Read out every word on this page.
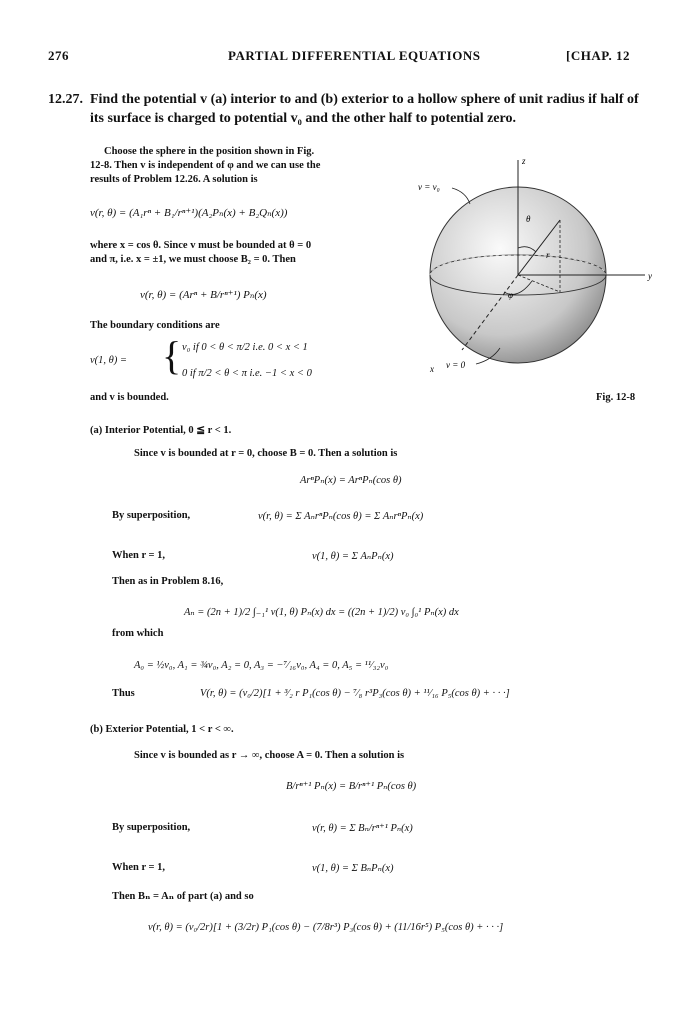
276	PARTIAL DIFFERENTIAL EQUATIONS	[CHAP. 12
12.27. Find the potential v (a) interior to and (b) exterior to a hollow sphere of unit radius if half of its surface is charged to potential v₀ and the other half to potential zero.
Choose the sphere in the position shown in Fig.
12-8. Then v is independent of φ and we can use the
results of Problem 12.26. A solution is
v(r, θ) = (A₁rⁿ + B₁/rⁿ⁺¹)(A₂Pₙ(x) + B₂Qₙ(x))
where x = cos θ. Since v must be bounded at θ = 0
and π, i.e. x = ±1, we must choose B₂ = 0. Then
v(r, θ) = (Arⁿ + B/rⁿ⁺¹) Pₙ(x)
The boundary conditions are
v(1, θ) = { v₀ if 0 < θ < π/2 i.e. 0 < x < 1
0 if π/2 < θ < π i.e. −1 < x < 0
and v is bounded.
z
y
x
θ
φ
r
v = v₀
v = 0
Fig. 12-8
(a) Interior Potential, 0 ≦ r < 1.
Since v is bounded at r = 0, choose B = 0. Then a solution is
ArⁿPₙ(x) = ArⁿPₙ(cos θ)
By superposition,	v(r, θ) = Σ AₙrⁿPₙ(cos θ) = Σ AₙrⁿPₙ(x)
When r = 1,	v(1, θ) = Σ AₙPₙ(x)
Then as in Problem 8.16,
Aₙ = (2n + 1)/2 ∫₋₁¹ v(1, θ) Pₙ(x) dx = ((2n + 1)/2) v₀ ∫₀¹ Pₙ(x) dx
from which
A₀ = ½v₀, A₁ = ¾v₀, A₂ = 0, A₃ = −⁷⁄₁₆v₀, A₄ = 0, A₅ = ¹¹⁄₃₂v₀
Thus	V(r, θ) = (v₀/2)[1 + ³⁄₂ r P₁(cos θ) − ⁷⁄₈ r³P₃(cos θ) + ¹¹⁄₁₆ P₅(cos θ) + · · ·]
(b) Exterior Potential, 1 < r < ∞.
Since v is bounded as r → ∞, choose A = 0. Then a solution is
B/rⁿ⁺¹ Pₙ(x) = B/rⁿ⁺¹ Pₙ(cos θ)
By superposition,	v(r, θ) = Σ Bₙ/rⁿ⁺¹ Pₙ(x)
When r = 1,	v(1, θ) = Σ BₙPₙ(x)
Then Bₙ = Aₙ of part (a) and so
v(r, θ) = (v₀/2r)[1 + (3/2r) P₁(cos θ) − (7/8r³) P₃(cos θ) + (11/16r⁵) P₅(cos θ) + · · ·]
